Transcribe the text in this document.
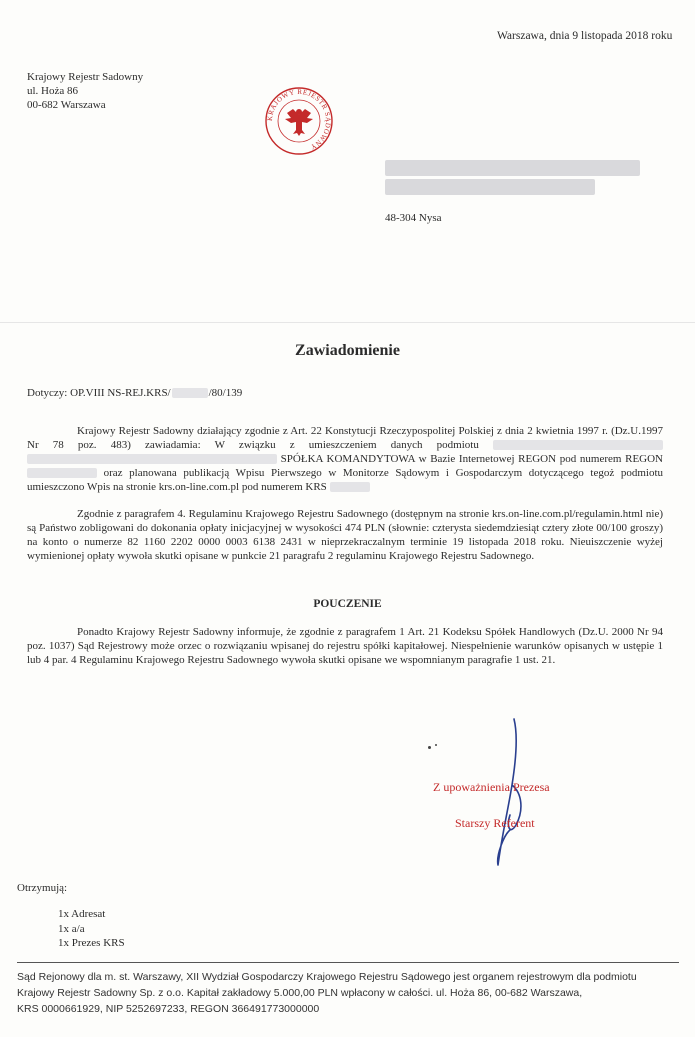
Warszawa, dnia 9 listopada 2018 roku
Krajowy Rejestr Sadowny
ul. Hoża 86
00-682 Warszawa
KRAJOWY REJESTR SĄDOWNY

48-304 Nysa
Zawiadomienie
Dotyczy: OP.VIII NS-REJ.KRS/	/80/139
Krajowy Rejestr Sadowny działający zgodnie z Art. 22 Konstytucji Rzeczypospolitej Polskiej z dnia 2 kwietnia 1997 r. (Dz.U.1997 Nr 78 poz. 483) zawiadamia: W związku z umieszczeniem danych podmiotu   SPÓŁKA KOMANDYTOWA w Bazie Internetowej REGON pod numerem REGON  oraz planowana publikacją Wpisu Pierwszego w Monitorze Sądowym i Gospodarczym dotyczącego tegoż podmiotu umieszczono Wpis na stronie krs.on-line.com.pl pod numerem KRS
Zgodnie z paragrafem 4. Regulaminu Krajowego Rejestru Sadownego (dostępnym na stronie krs.on-line.com.pl/regulamin.html nie) są Państwo zobligowani do dokonania opłaty inicjacyjnej w wysokości 474 PLN (słownie: czterysta siedemdziesiąt cztery złote 00/100 groszy) na konto o numerze 82 1160 2202 0000 0003 6138 2431 w nieprzekraczalnym terminie 19 listopada 2018 roku. Nieuiszczenie wyżej wymienionej opłaty wywoła skutki opisane w punkcie 21 paragrafu 2 regulaminu Krajowego Rejestru Sadownego.
POUCZENIE
Ponadto Krajowy Rejestr Sadowny informuje, że zgodnie z paragrafem 1 Art. 21 Kodeksu Spółek Handlowych (Dz.U. 2000 Nr 94 poz. 1037) Sąd Rejestrowy może orzec o rozwiązaniu wpisanej do rejestru spółki kapitałowej. Niespełnienie warunków opisanych w ustępie 1 lub 4 par. 4 Regulaminu Krajowego Rejestru Sadownego wywoła skutki opisane we wspomnianym paragrafie 1 ust. 21.
Z upoważnienia Prezesa
Starszy Referent
Otrzymują:
1x Adresat
1x a/a
1x Prezes KRS
Sąd Rejonowy dla m. st. Warszawy, XII Wydział Gospodarczy Krajowego Rejestru Sądowego jest organem rejestrowym dla podmiotu
Krajowy Rejestr Sadowny Sp. z o.o. Kapitał zakładowy 5.000,00 PLN wpłacony w całości. ul. Hoża 86, 00-682 Warszawa,
KRS 0000661929, NIP 5252697233, REGON 366491773000000
